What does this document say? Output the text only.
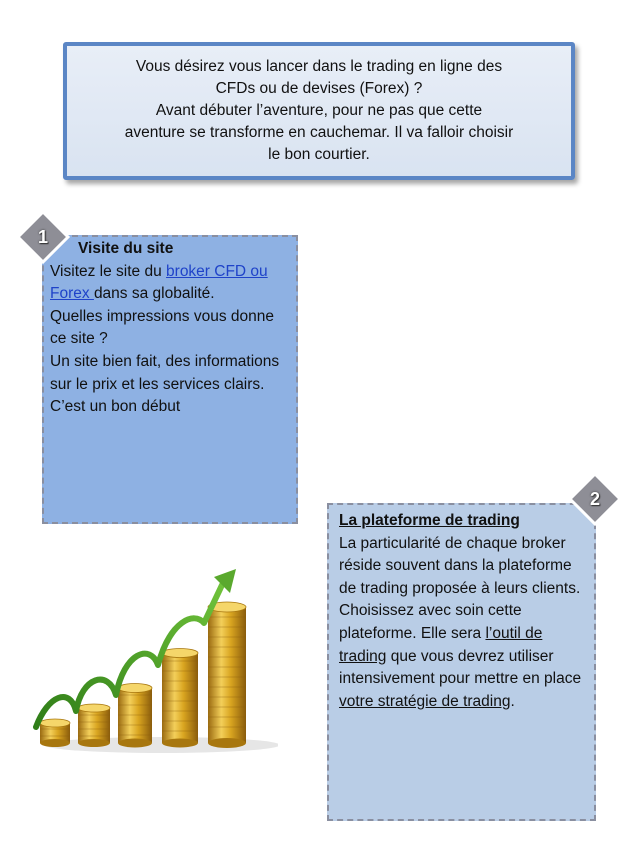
Vous désirez vous lancer dans le trading en ligne des
CFDs ou de devises (Forex) ?
Avant débuter l’aventure, pour ne pas que cette
aventure se transforme en cauchemar. Il va falloir choisir
le bon courtier.

Visite du site
Visitez le site du broker CFD ou Forex dans sa globalité.
Quelles impressions vous donne ce site ?
Un site bien fait, des informations sur le prix et les services clairs. C’est un bon début
1
La plateforme de trading
La particularité de chaque broker réside souvent dans la plateforme de trading proposée à leurs clients. Choisissez avec soin cette plateforme. Elle sera l’outil de trading que vous devrez utiliser intensivement pour mettre en place votre stratégie de trading.
2
